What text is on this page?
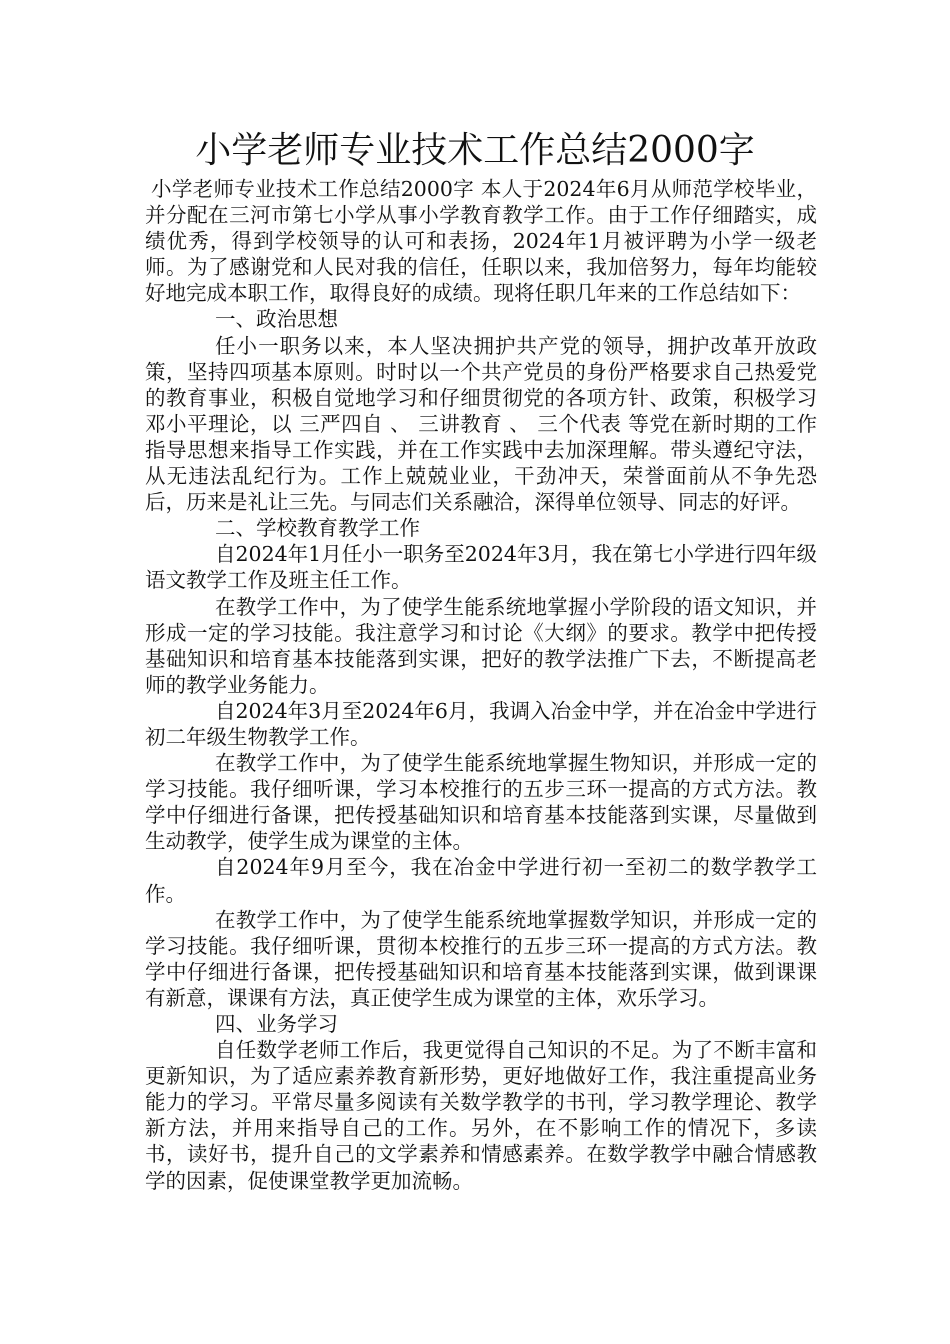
小学老师专业技术工作总结2000字

小学老师专业技术工作总结2000字 本人于2024年6月从师范学校毕业，并分配在三河市第七小学从事小学教育教学工作。由于工作仔细踏实，成绩优秀，得到学校领导的认可和表扬，2024年1月被评聘为小学一级老师。为了感谢党和人民对我的信任，任职以来，我加倍努力，每年均能较好地完成本职工作，取得良好的成绩。现将任职几年来的工作总结如下：

一、政治思想

任小一职务以来，本人坚决拥护共产党的领导，拥护改革开放政策，坚持四项基本原则。时时以一个共产党员的身份严格要求自己热爱党的教育事业，积极自觉地学习和仔细贯彻党的各项方针、政策，积极学习邓小平理论，以 三严四自 、 三讲教育 、 三个代表 等党在新时期的工作指导思想来指导工作实践，并在工作实践中去加深理解。带头遵纪守法，从无违法乱纪行为。工作上兢兢业业，干劲冲天，荣誉面前从不争先恐后，历来是礼让三先。与同志们关系融洽，深得单位领导、同志的好评。

二、学校教育教学工作

自2024年1月任小一职务至2024年3月，我在第七小学进行四年级语文教学工作及班主任工作。

在教学工作中，为了使学生能系统地掌握小学阶段的语文知识，并形成一定的学习技能。我注意学习和讨论《大纲》的要求。教学中把传授基础知识和培育基本技能落到实课，把好的教学法推广下去，不断提高老师的教学业务能力。

自2024年3月至2024年6月，我调入冶金中学，并在冶金中学进行初二年级生物教学工作。

在教学工作中，为了使学生能系统地掌握生物知识，并形成一定的学习技能。我仔细听课，学习本校推行的五步三环一提高的方式方法。教学中仔细进行备课，把传授基础知识和培育基本技能落到实课，尽量做到生动教学，使学生成为课堂的主体。

自2024年9月至今，我在冶金中学进行初一至初二的数学教学工作。

在教学工作中，为了使学生能系统地掌握数学知识，并形成一定的学习技能。我仔细听课，贯彻本校推行的五步三环一提高的方式方法。教学中仔细进行备课，把传授基础知识和培育基本技能落到实课，做到课课有新意，课课有方法，真正使学生成为课堂的主体，欢乐学习。

四、业务学习

自任数学老师工作后，我更觉得自己知识的不足。为了不断丰富和更新知识，为了适应素养教育新形势，更好地做好工作，我注重提高业务能力的学习。平常尽量多阅读有关数学教学的书刊，学习教学理论、教学新方法，并用来指导自己的工作。另外，在不影响工作的情况下，多读书，读好书，提升自己的文学素养和情感素养。在数学教学中融合情感教学的因素，促使课堂教学更加流畅。
